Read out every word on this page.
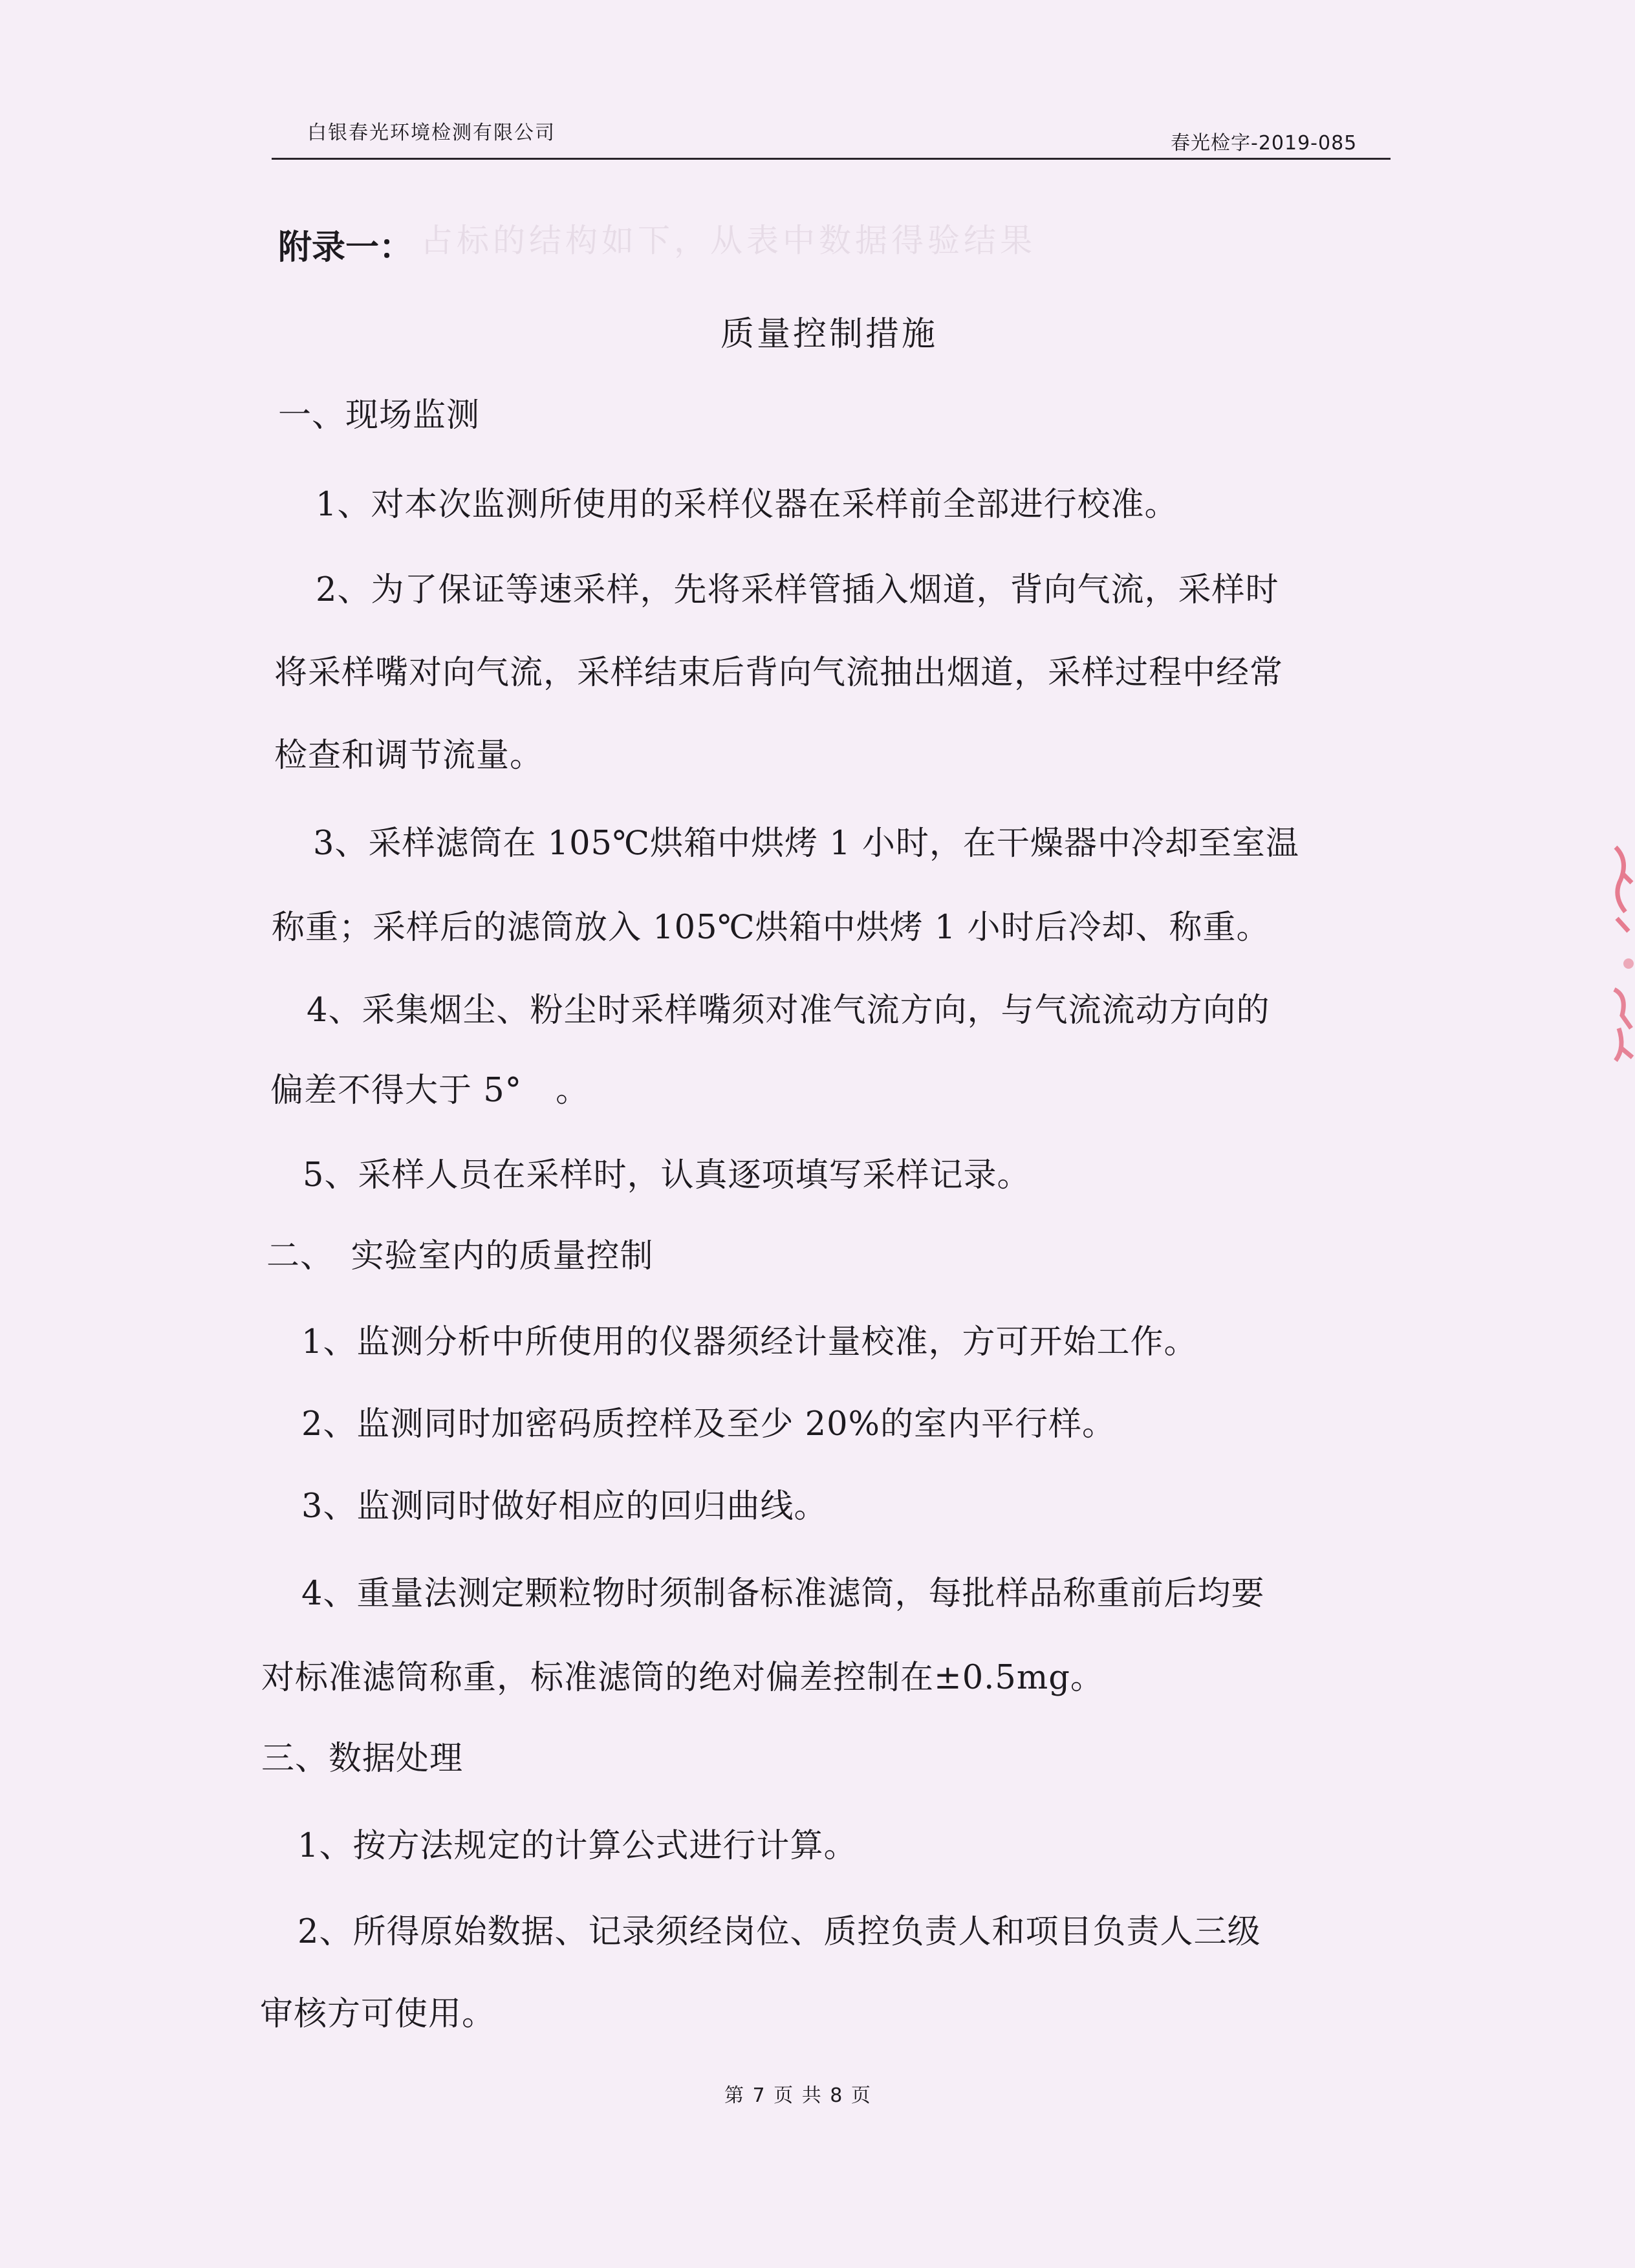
白银春光环境检测有限公司	春光检字-2019-085
占标的结构如下，从表中数据得验结果
附录一：
质量控制措施
一、现场监测
1、对本次监测所使用的采样仪器在采样前全部进行校准。
2、为了保证等速采样，先将采样管插入烟道，背向气流，采样时
将采样嘴对向气流，采样结束后背向气流抽出烟道，采样过程中经常
检查和调节流量。
3、采样滤筒在 105℃烘箱中烘烤 1 小时，在干燥器中冷却至室温
称重；采样后的滤筒放入 105℃烘箱中烘烤 1 小时后冷却、称重。
4、采集烟尘、粉尘时采样嘴须对准气流方向，与气流流动方向的
偏差不得大于 5°　。
5、采样人员在采样时，认真逐项填写采样记录。
二、　实验室内的质量控制
1、监测分析中所使用的仪器须经计量校准，方可开始工作。
2、监测同时加密码质控样及至少 20%的室内平行样。
3、监测同时做好相应的回归曲线。
4、重量法测定颗粒物时须制备标准滤筒，每批样品称重前后均要
对标准滤筒称重，标准滤筒的绝对偏差控制在±0.5mg。
三、数据处理
1、按方法规定的计算公式进行计算。
2、所得原始数据、记录须经岗位、质控负责人和项目负责人三级
审核方可使用。
第 7 页 共 8 页
